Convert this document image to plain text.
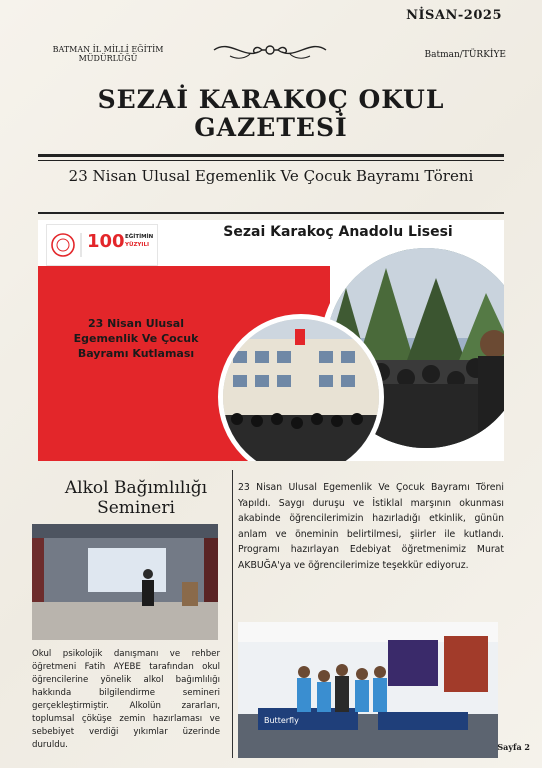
NİSAN-2025
BATMAN İL MİLLİ EĞİTİM MÜDÜRLÜĞÜ	Batman/TÜRKİYE
SEZAİ KARAKOÇ OKUL
GAZETESİ
23 Nisan Ulusal Egemenlik Ve Çocuk Bayramı Töreni
100 EĞİTİMİN
YÜZYILI
Sezai Karakoç Anadolu Lisesi
23 Nisan Ulusal Egemenlik Ve Çocuk Bayramı Kutlaması
Alkol Bağımlılığı Semineri
Okul psikolojik danışmanı ve rehber öğretmeni Fatih AYEBE tarafından okul öğrencilerine yönelik alkol bağımlılığı hakkında bilgilendirme semineri gerçekleştirmiştir. Alkolün zararları, toplumsal çöküşe zemin hazırlaması ve sebebiyet verdiği yıkımlar üzerinde duruldu.
23 Nisan Ulusal Egemenlik Ve Çocuk Bayramı Töreni Yapıldı. Saygı duruşu ve İstiklal marşının okunması akabinde öğrencilerimizin hazırladığı etkinlik, günün anlam ve öneminin belirtilmesi, şiirler ile kutlandı. Programı hazırlayan Edebiyat öğretmenimiz Murat AKBUĞA'ya ve öğrencilerimize teşekkür ediyoruz.
Butterfly
Sayfa 2
